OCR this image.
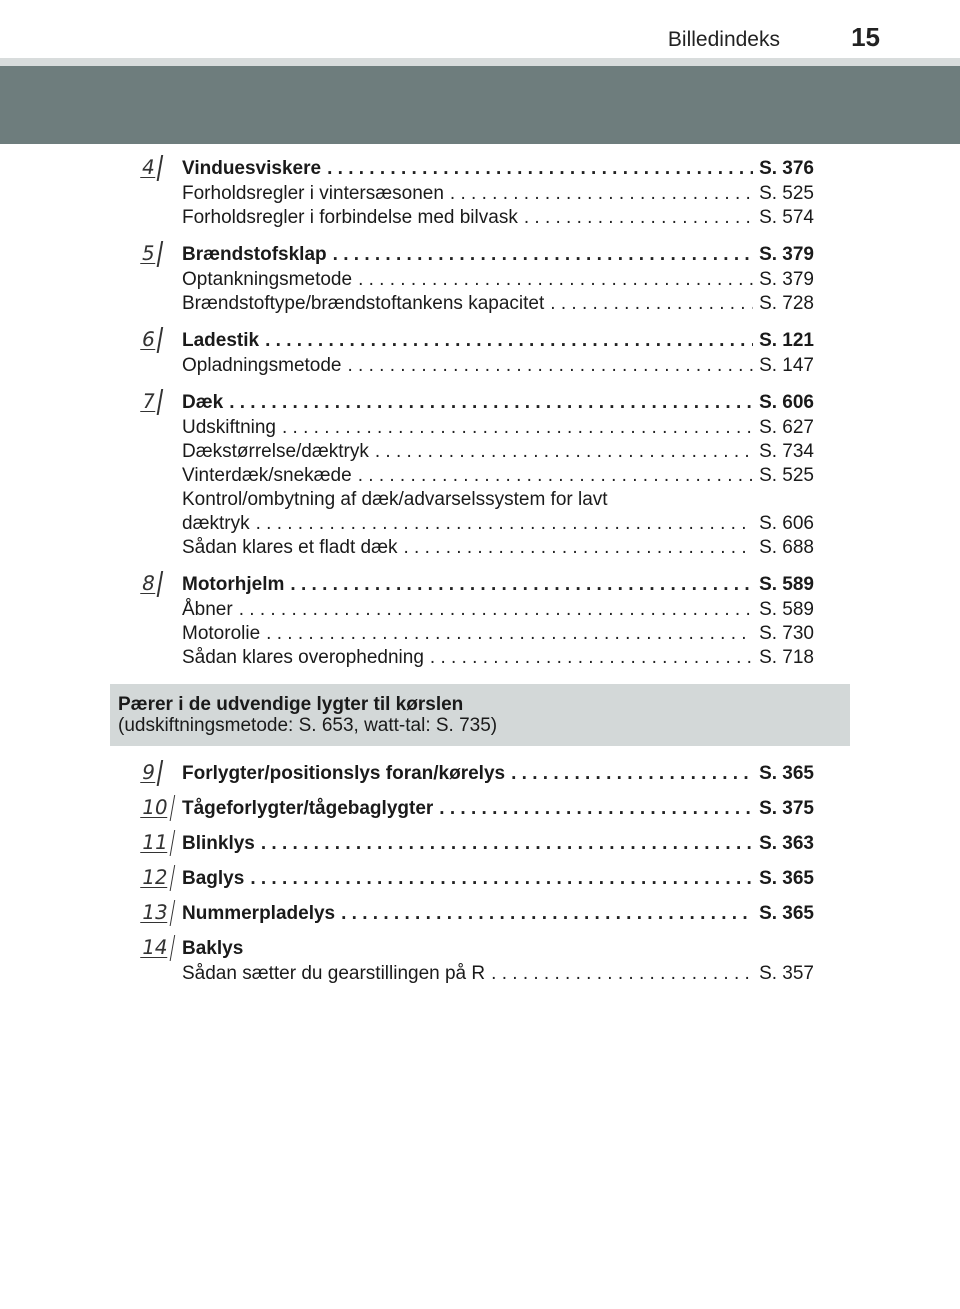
Billedindeks	15
4 Vinduesviskere . . .	S. 376
Forholdsregler i vintersæsonen . . .	S. 525
Forholdsregler i forbindelse med bilvask . . .	S. 574
5 Brændstofsklap . . .	S. 379
Optankningsmetode . . .	S. 379
Brændstoftype/brændstoftankens kapacitet . . .	S. 728
6 Ladestik . . .	S. 121
Opladningsmetode . . .	S. 147
7 Dæk . . .	S. 606
Udskiftning . . .	S. 627
Dækstørrelse/dæktryk . . .	S. 734
Vinterdæk/snekæde . . .	S. 525
Kontrol/ombytning af dæk/advarselssystem for lavt
dæktryk . . .	S. 606
Sådan klares et fladt dæk . . .	S. 688
8 Motorhjelm . . .	S. 589
Åbner . . .	S. 589
Motorolie . . .	S. 730
Sådan klares overophedning . . .	S. 718
Pærer i de udvendige lygter til kørslen
(udskiftningsmetode: S. 653, watt-tal: S. 735)
9 Forlygter/positionslys foran/kørelys . . .	S. 365
10 Tågeforlygter/tågebaglygter . . .	S. 375
11 Blinklys . . .	S. 363
12 Baglys . . .	S. 365
13 Nummerpladelys . . .	S. 365
14 Baklys
Sådan sætter du gearstillingen på R . . .	S. 357
